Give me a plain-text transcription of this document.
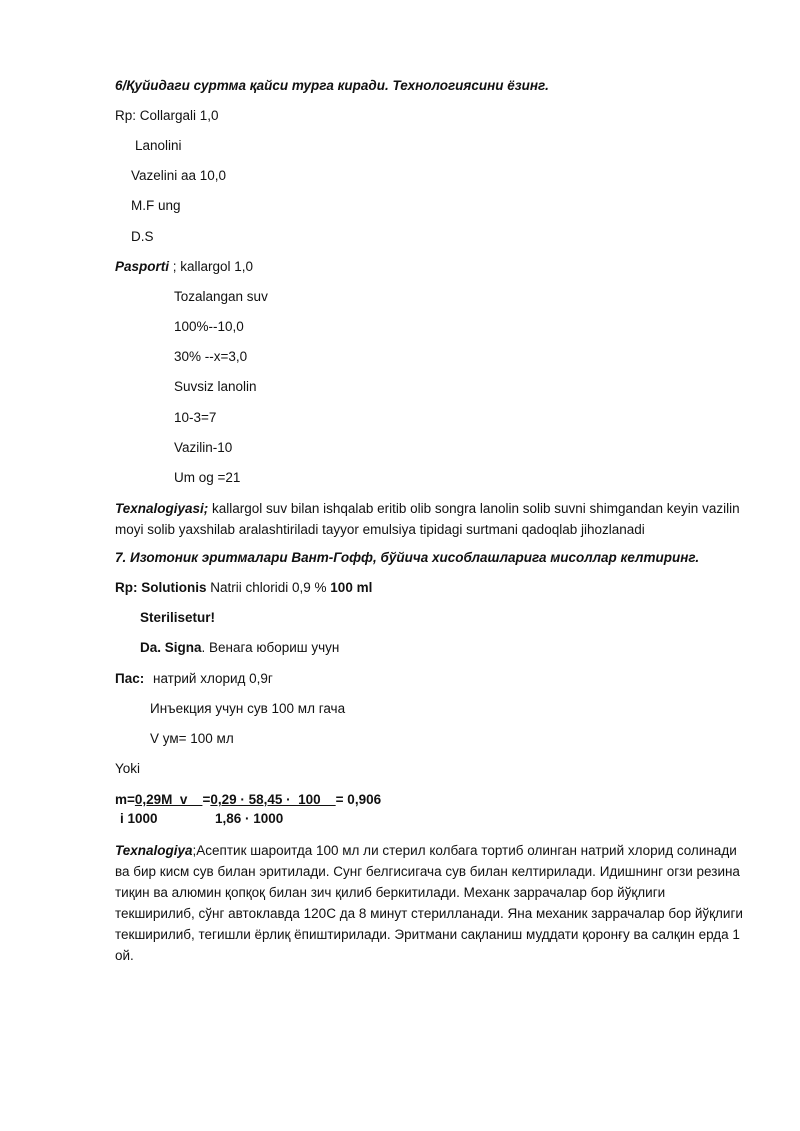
6/Қуйидаги суртма қайси турга киради. Технологиясини ёзинг.
Rp: Collargali 1,0
Lanolini
Vazelini aa 10,0
M.F ung
D.S
Pasporti ; kallargol 1,0
Tozalangan suv
100%--10,0
30% --x=3,0
Suvsiz lanolin
10-3=7
Vazilin-10
Um og =21
Texnalogiyasi; kallargol suv bilan ishqalab eritib olib songra lanolin solib suvni shimgandan keyin vazilin moyi solib yaxshilab aralashtiriladi tayyor emulsiya tipidagi surtmani qadoqlab jihozlanadi
7. Изотоник эритмалари Вант-Гофф, бўйича хисоблашларига мисоллар келтиринг.
Rp: Solutionis Natrii chloridi 0,9 % 100 ml
Sterilisetur!
Da. Signa. Венага юбориш учун
Пас: натрий хлорид 0,9г
Инъекция учун сув 100 мл гача
V ум= 100 мл
Yoki
m=0,29M  v    =0,29 · 58,45 ·  100    = 0,906
i 1000	1,86 · 1000
Texnalogiya;Асептик шароитда 100 мл ли стерил колбага тортиб олинган натрий хлорид солинади ва бир кисм сув билан эритилади. Сунг белгисигача сув билан келтирилади. Идишнинг огзи резина тиқин ва алюмин қопқоқ билан зич қилиб беркитилади. Механк заррачалар бор йўқлиги текширилиб, сўнг автоклавда 120С да 8 минут стерилланади. Яна механик заррачалар бор йўқлиги текширилиб, тегишли ёрлиқ ёпиштирилади. Эритмани сақланиш муддати қоронғу ва салқин ерда 1 ой.
